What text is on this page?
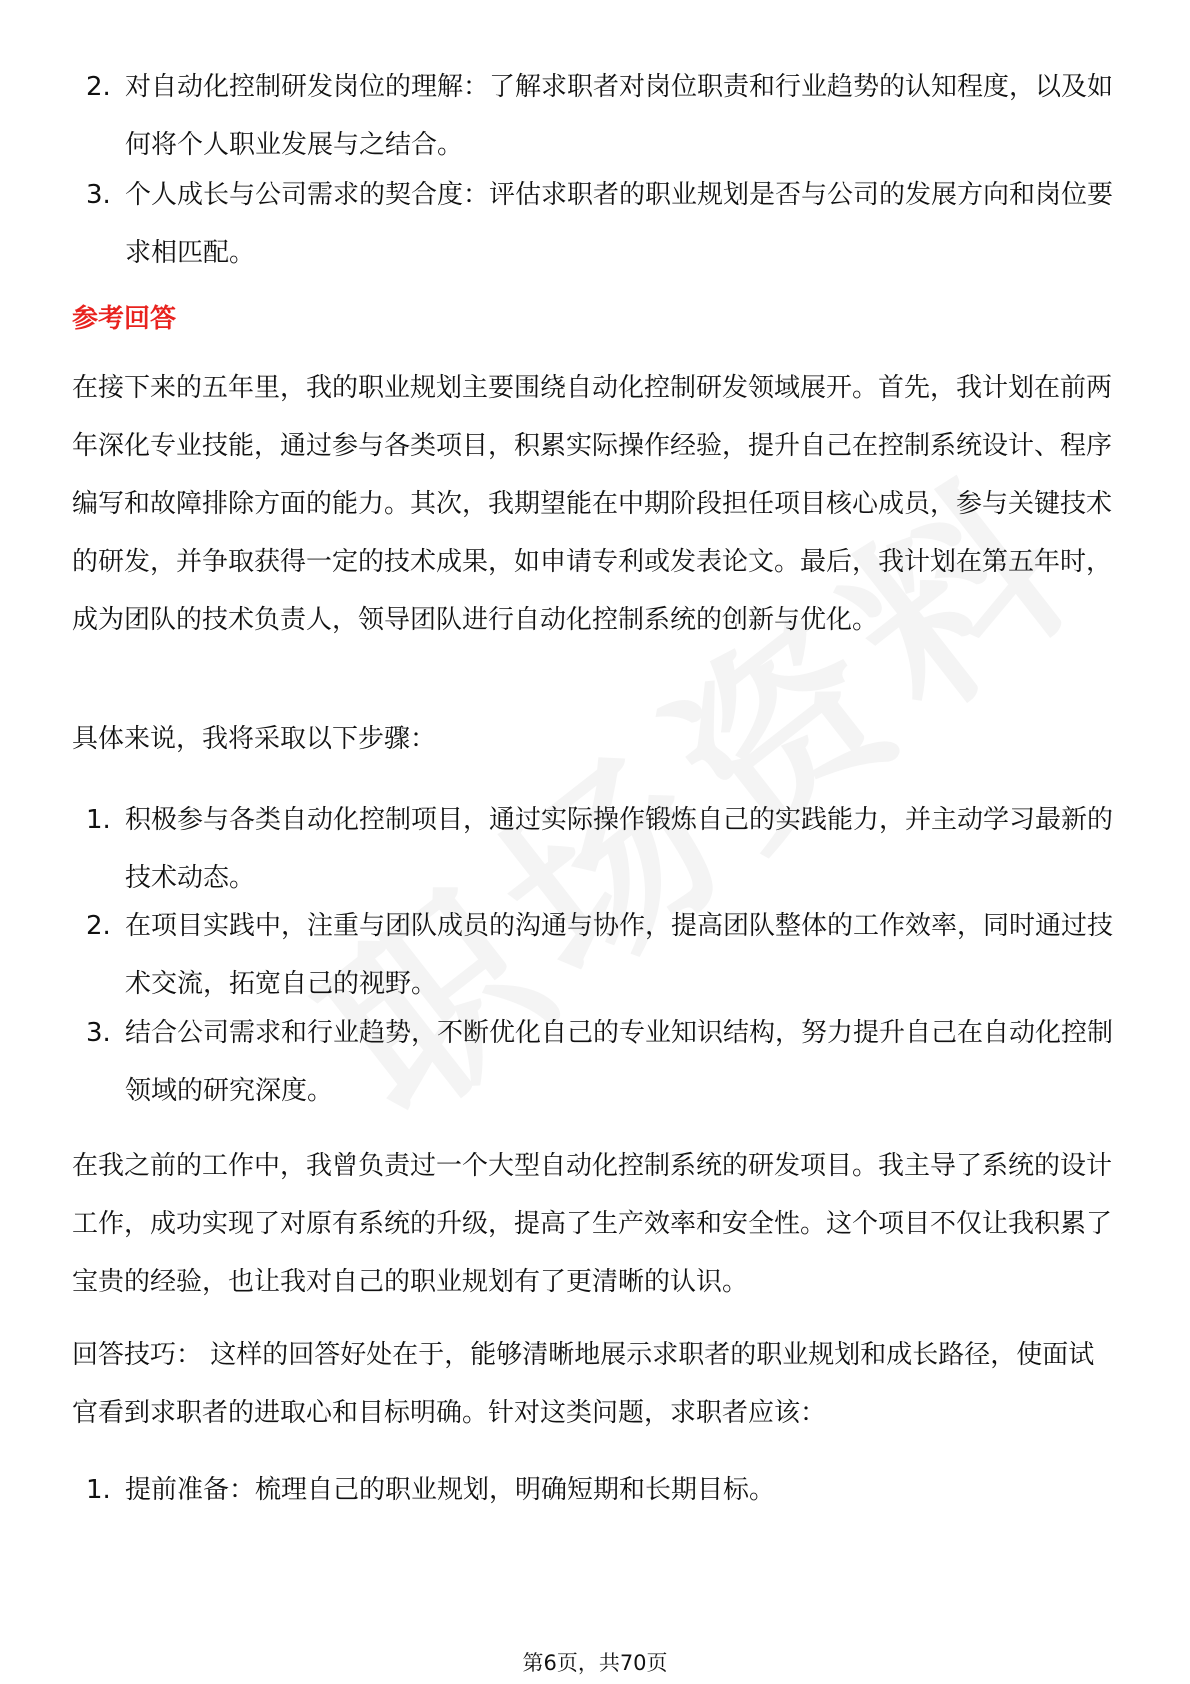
2. 对自动化控制研发岗位的理解：了解求职者对岗位职责和行业趋势的认知程度，以及如何将个人职业发展与之结合。
3. 个人成长与公司需求的契合度：评估求职者的职业规划是否与公司的发展方向和岗位要求相匹配。
参考回答
在接下来的五年里，我的职业规划主要围绕自动化控制研发领域展开。首先，我计划在前两年深化专业技能，通过参与各类项目，积累实际操作经验，提升自己在控制系统设计、程序编写和故障排除方面的能力。其次，我期望能在中期阶段担任项目核心成员，参与关键技术的研发，并争取获得一定的技术成果，如申请专利或发表论文。最后，我计划在第五年时，成为团队的技术负责人，领导团队进行自动化控制系统的创新与优化。
具体来说，我将采取以下步骤：
1. 积极参与各类自动化控制项目，通过实际操作锻炼自己的实践能力，并主动学习最新的技术动态。
2. 在项目实践中，注重与团队成员的沟通与协作，提高团队整体的工作效率，同时通过技术交流，拓宽自己的视野。
3. 结合公司需求和行业趋势，不断优化自己的专业知识结构，努力提升自己在自动化控制领域的研究深度。
在我之前的工作中，我曾负责过一个大型自动化控制系统的研发项目。我主导了系统的设计工作，成功实现了对原有系统的升级，提高了生产效率和安全性。这个项目不仅让我积累了宝贵的经验，也让我对自己的职业规划有了更清晰的认识。
回答技巧： 这样的回答好处在于，能够清晰地展示求职者的职业规划和成长路径，使面试官看到求职者的进取心和目标明确。针对这类问题，求职者应该：
1. 提前准备：梳理自己的职业规划，明确短期和长期目标。
第6页，共70页
